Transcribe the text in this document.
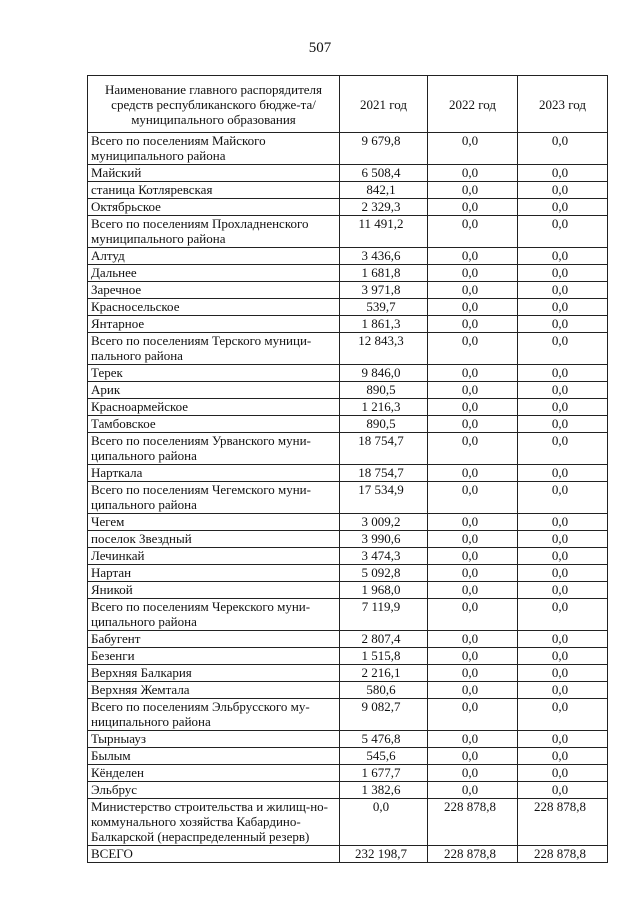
507
Наименование главного распорядителя средств республиканского бюдже-та/муниципального образования	2021 год	2022 год	2023 год
Всего по поселениям Майского муниципального района	9 679,8	0,0	0,0
Майский	6 508,4	0,0	0,0
станица Котляревская	842,1	0,0	0,0
Октябрьское	2 329,3	0,0	0,0
Всего по поселениям Прохладненского муниципального района	11 491,2	0,0	0,0
Алтуд	3 436,6	0,0	0,0
Дальнее	1 681,8	0,0	0,0
Заречное	3 971,8	0,0	0,0
Красносельское	539,7	0,0	0,0
Янтарное	1 861,3	0,0	0,0
Всего по поселениям Терского муници-пального района	12 843,3	0,0	0,0
Терек	9 846,0	0,0	0,0
Арик	890,5	0,0	0,0
Красноармейское	1 216,3	0,0	0,0
Тамбовское	890,5	0,0	0,0
Всего по поселениям Урванского муни-ципального района	18 754,7	0,0	0,0
Нарткала	18 754,7	0,0	0,0
Всего по поселениям Чегемского муни-ципального района	17 534,9	0,0	0,0
Чегем	3 009,2	0,0	0,0
поселок Звездный	3 990,6	0,0	0,0
Лечинкай	3 474,3	0,0	0,0
Нартан	5 092,8	0,0	0,0
Яникой	1 968,0	0,0	0,0
Всего по поселениям Черекского муни-ципального района	7 119,9	0,0	0,0
Бабугент	2 807,4	0,0	0,0
Безенги	1 515,8	0,0	0,0
Верхняя Балкария	2 216,1	0,0	0,0
Верхняя Жемтала	580,6	0,0	0,0
Всего по поселениям Эльбрусского му-ниципального района	9 082,7	0,0	0,0
Тырныауз	5 476,8	0,0	0,0
Былым	545,6	0,0	0,0
Кёнделен	1 677,7	0,0	0,0
Эльбрус	1 382,6	0,0	0,0
Министерство строительства и жилищ-но-коммунального хозяйства Кабардино-Балкарской (нераспределенный резерв)	0,0	228 878,8	228 878,8
ВСЕГО	232 198,7	228 878,8	228 878,8
